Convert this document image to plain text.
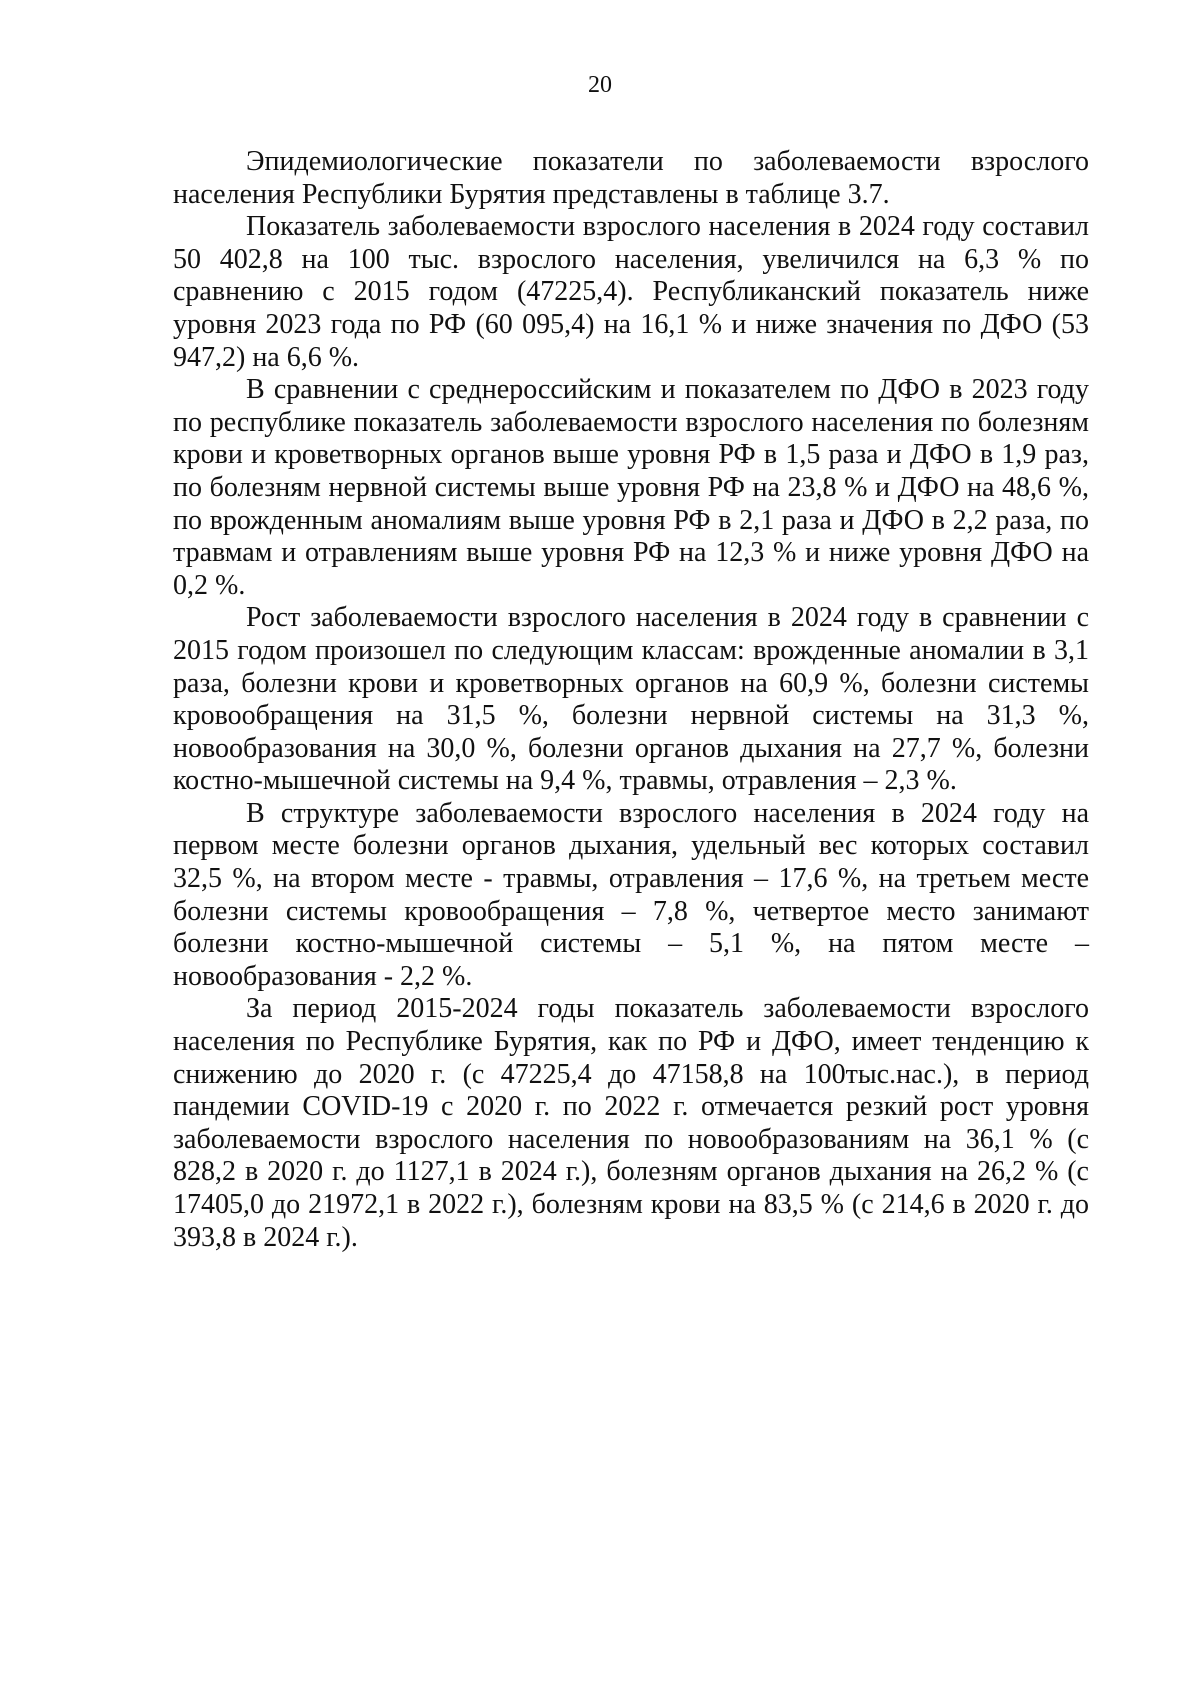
20

Эпидемиологические показатели по заболеваемости взрослого населения Республики Бурятия представлены в таблице 3.7.

Показатель заболеваемости взрослого населения в 2024 году составил 50 402,8 на 100 тыс. взрослого населения, увеличился на 6,3 % по сравнению с 2015 годом (47225,4). Республиканский показатель ниже уровня 2023 года по РФ (60 095,4) на 16,1 % и ниже значения по ДФО (53 947,2) на 6,6 %.

В сравнении с среднероссийским и показателем по ДФО в 2023 году по республике показатель заболеваемости взрослого населения по болезням крови и кроветворных органов выше уровня РФ в 1,5 раза и ДФО в 1,9 раз, по болезням нервной системы выше уровня РФ на 23,8 % и ДФО на 48,6 %, по врожденным аномалиям выше уровня РФ в 2,1 раза и ДФО в 2,2 раза, по травмам и отравлениям выше уровня РФ на 12,3 % и ниже уровня ДФО на 0,2 %.

Рост заболеваемости взрослого населения в 2024 году в сравнении с 2015 годом произошел по следующим классам: врожденные аномалии в 3,1 раза, болезни крови и кроветворных органов на 60,9 %, болезни системы кровообращения на 31,5 %, болезни нервной системы на 31,3 %, новообразования на 30,0 %, болезни органов дыхания на 27,7 %, болезни костно-мышечной системы на 9,4 %, травмы, отравления – 2,3 %.

В структуре заболеваемости взрослого населения в 2024 году на первом месте болезни органов дыхания, удельный вес которых составил 32,5 %, на втором месте - травмы, отравления – 17,6 %, на третьем месте болезни системы кровообращения – 7,8 %, четвертое место занимают болезни костно-мышечной системы – 5,1 %, на пятом месте – новообразования - 2,2 %.

За период 2015-2024 годы показатель заболеваемости взрослого населения по Республике Бурятия, как по РФ и ДФО, имеет тенденцию к снижению до 2020 г. (с 47225,4 до 47158,8 на 100тыс.нас.), в период пандемии COVID-19 с 2020 г. по 2022 г. отмечается резкий рост уровня заболеваемости взрослого населения по новообразованиям на 36,1 % (с 828,2 в 2020 г. до 1127,1 в 2024 г.), болезням органов дыхания на 26,2 % (с 17405,0 до 21972,1 в 2022 г.), болезням крови на 83,5 % (с 214,6 в 2020 г. до 393,8 в 2024 г.).
